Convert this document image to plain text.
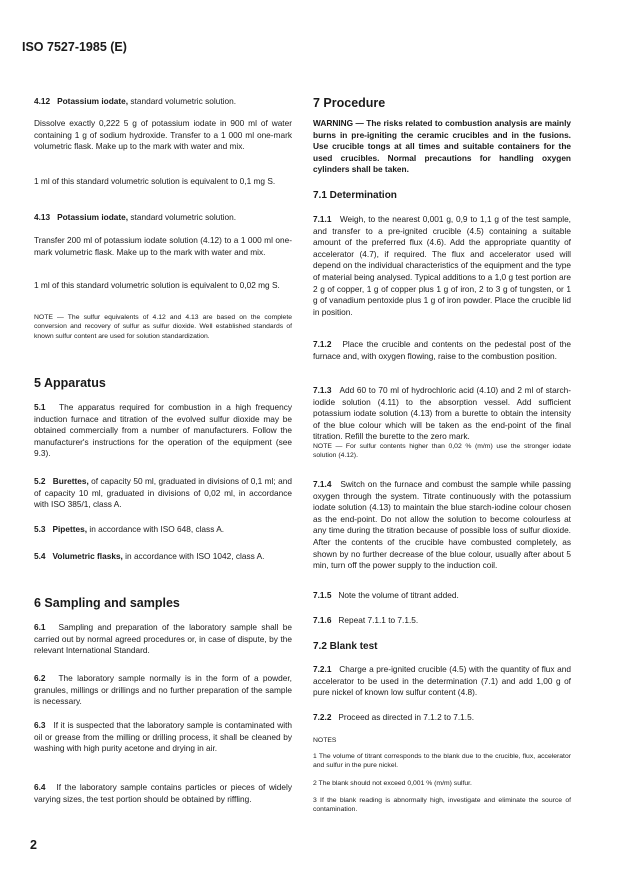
ISO 7527-1985 (E)

4.12 Potassium iodate, standard volumetric solution.

Dissolve exactly 0,222 5 g of potassium iodate in 900 ml of water containing 1 g of sodium hydroxide. Transfer to a 1 000 ml one-mark volumetric flask. Make up to the mark with water and mix.

1 ml of this standard volumetric solution is equivalent to 0,1 mg S.

4.13 Potassium iodate, standard volumetric solution.

Transfer 200 ml of potassium iodate solution (4.12) to a 1 000 ml one-mark volumetric flask. Make up to the mark with water and mix.

1 ml of this standard volumetric solution is equivalent to 0,02 mg S.

NOTE — The sulfur equivalents of 4.12 and 4.13 are based on the complete conversion and recovery of sulfur as sulfur dioxide. Well established standards of known sulfur content are used for solution standardization.

5 Apparatus

5.1 The apparatus required for combustion in a high frequency induction furnace and titration of the evolved sulfur dioxide may be obtained commercially from a number of manufacturers. Follow the manufacturer's instructions for the operation of the equipment (see 9.3).

5.2 Burettes, of capacity 50 ml, graduated in divisions of 0,1 ml; and of capacity 10 ml, graduated in divisions of 0,02 ml, in accordance with ISO 385/1, class A.

5.3 Pipettes, in accordance with ISO 648, class A.

5.4 Volumetric flasks, in accordance with ISO 1042, class A.

6 Sampling and samples

6.1 Sampling and preparation of the laboratory sample shall be carried out by normal agreed procedures or, in case of dispute, by the relevant International Standard.

6.2 The laboratory sample normally is in the form of a powder, granules, millings or drillings and no further preparation of the sample is necessary.

6.3 If it is suspected that the laboratory sample is contaminated with oil or grease from the milling or drilling process, it shall be cleaned by washing with high purity acetone and drying in air.

6.4 If the laboratory sample contains particles or pieces of widely varying sizes, the test portion should be obtained by riffling.

7 Procedure

WARNING — The risks related to combustion analysis are mainly burns in pre-igniting the ceramic crucibles and in the fusions. Use crucible tongs at all times and suitable containers for the used crucibles. Normal precautions for handling oxygen cylinders shall be taken.

7.1 Determination

7.1.1 Weigh, to the nearest 0,001 g, 0,9 to 1,1 g of the test sample, and transfer to a pre-ignited crucible (4.5) containing a suitable amount of the preferred flux (4.6). Add the appropriate quantity of accelerator (4.7), if required. The flux and accelerator used will depend on the individual characteristics of the equipment and the type of material being analysed. Typical additions to a 1,0 g test portion are 2 g of copper, 1 g of copper plus 1 g of iron, 2 to 3 g of tungsten, or 1 g of vanadium pentoxide plus 1 g of iron powder. Place the crucible lid in position.

7.1.2 Place the crucible and contents on the pedestal post of the furnace and, with oxygen flowing, raise to the combustion position.

7.1.3 Add 60 to 70 ml of hydrochloric acid (4.10) and 2 ml of starch-iodide solution (4.11) to the absorption vessel. Add sufficient potassium iodate solution (4.13) from a burette to obtain the intensity of the blue colour which will be taken as the end-point of the final titration. Refill the burette to the zero mark.

NOTE — For sulfur contents higher than 0,02 % (m/m) use the stronger iodate solution (4.12).

7.1.4 Switch on the furnace and combust the sample while passing oxygen through the system. Titrate continuously with the potassium iodate solution (4.13) to maintain the blue starch-iodine colour chosen as the end-point. Do not allow the solution to become colourless at any time during the titration because of possible loss of sulfur dioxide. After the contents of the crucible have combusted completely, as shown by no further decrease of the blue colour, usually after about 5 min, turn off the power supply to the induction coil.

7.1.5 Note the volume of titrant added.

7.1.6 Repeat 7.1.1 to 7.1.5.

7.2 Blank test

7.2.1 Charge a pre-ignited crucible (4.5) with the quantity of flux and accelerator to be used in the determination (7.1) and add 1,00 g of pure nickel of known low sulfur content (4.8).

7.2.2 Proceed as directed in 7.1.2 to 7.1.5.

NOTES

1 The volume of titrant corresponds to the blank due to the crucible, flux, accelerator and sulfur in the pure nickel.

2 The blank should not exceed 0,001 % (m/m) sulfur.

3 If the blank reading is abnormally high, investigate and eliminate the source of contamination.

2
